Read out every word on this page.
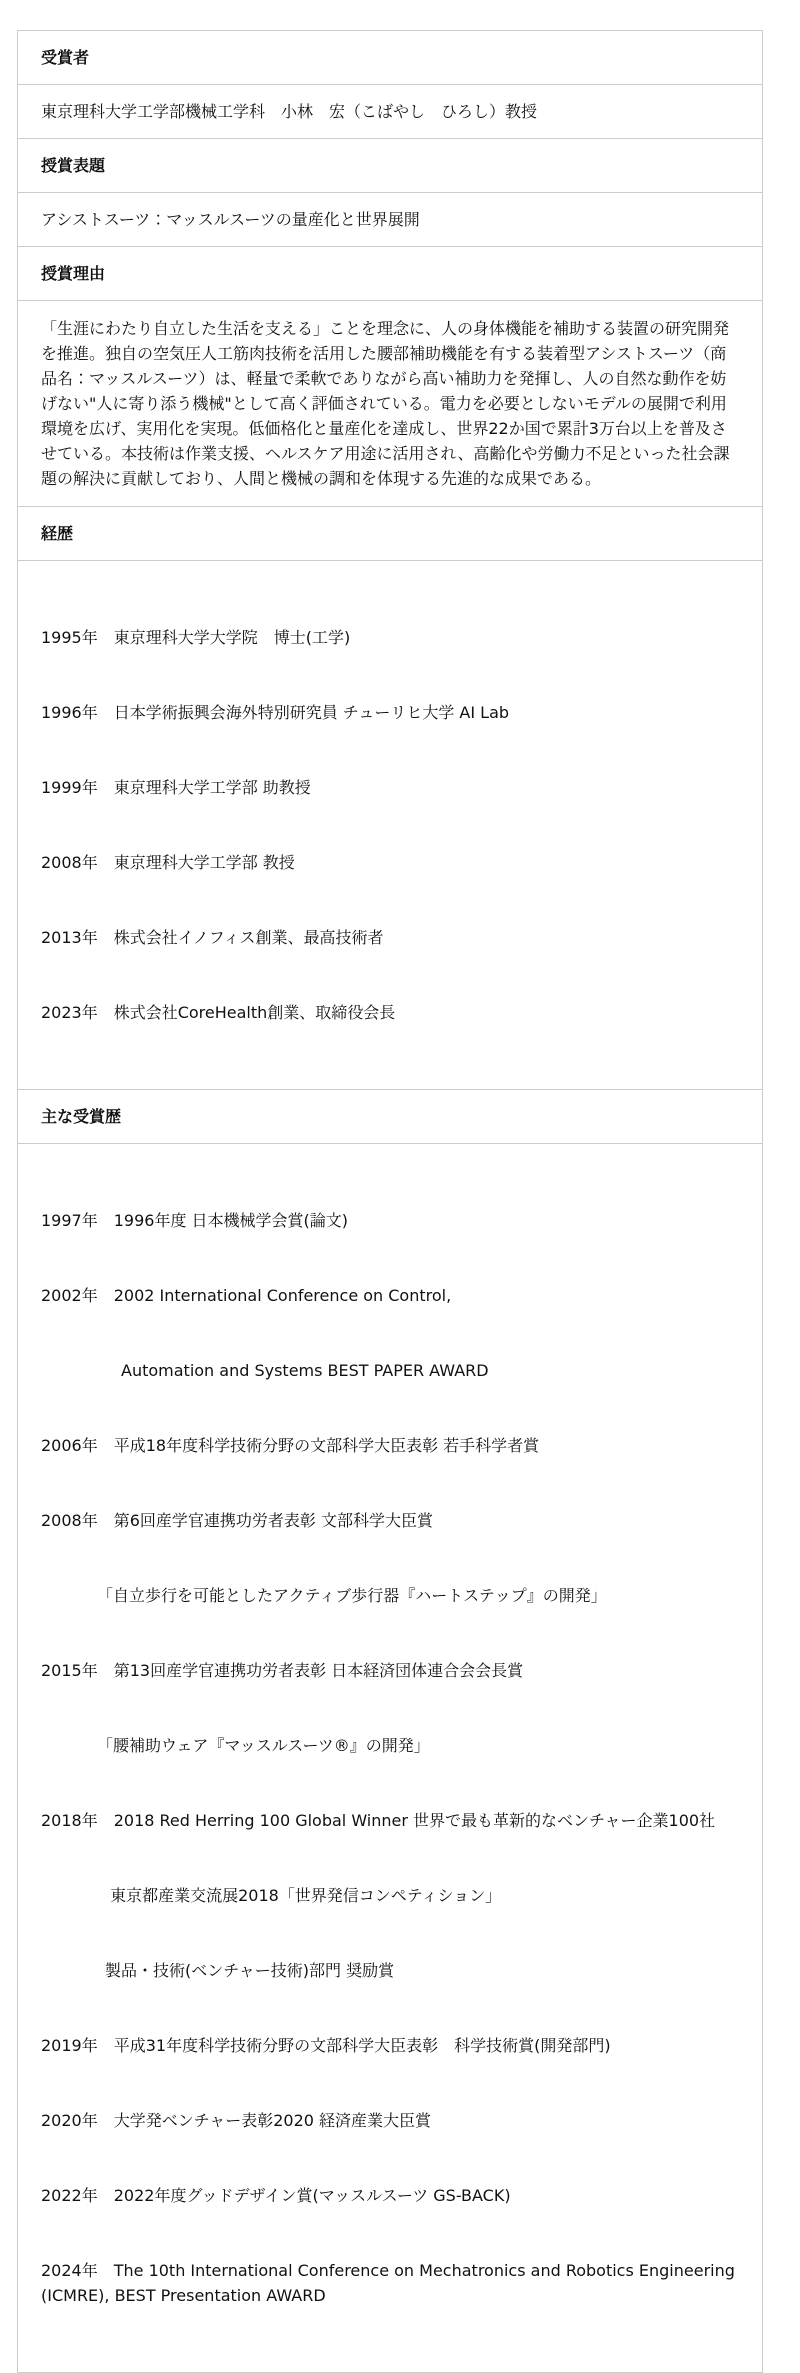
受賞者
東京理科大学工学部機械工学科　小林　宏（こばやし　ひろし）教授
授賞表題
アシストスーツ：マッスルスーツの量産化と世界展開
授賞理由
「生涯にわたり自立した生活を支える」ことを理念に、人の身体機能を補助する装置の研究開発を推進。独自の空気圧人工筋肉技術を活用した腰部補助機能を有する装着型アシストスーツ（商品名：マッスルスーツ）は、軽量で柔軟でありながら高い補助力を発揮し、人の自然な動作を妨げない"人に寄り添う機械"として高く評価されている。電力を必要としないモデルの展開で利用環境を広げ、実用化を実現。低価格化と量産化を達成し、世界22か国で累計3万台以上を普及させている。本技術は作業支援、ヘルスケア用途に活用され、高齢化や労働力不足といった社会課題の解決に貢献しており、人間と機械の調和を体現する先進的な成果である。
経歴

1995年　東京理科大学大学院　博士(工学)

1996年　日本学術振興会海外特別研究員 チューリヒ大学 AI Lab

1999年　東京理科大学工学部 助教授

2008年　東京理科大学工学部 教授

2013年　株式会社イノフィス創業、最高技術者

2023年　株式会社CoreHealth創業、取締役会長

主な受賞歴

1997年　1996年度 日本機械学会賞(論文)

2002年　2002 International Conference on Control,

　　　　　Automation and Systems BEST PAPER AWARD

2006年　平成18年度科学技術分野の文部科学大臣表彰 若手科学者賞

2008年　第6回産学官連携功労者表彰 文部科学大臣賞

　　　　「自立歩行を可能としたアクティブ歩行器『ハートステップ』の開発」

2015年　第13回産学官連携功労者表彰 日本経済団体連合会会長賞

　　　　「腰補助ウェア『マッスルスーツ®』の開発」

2018年　2018 Red Herring 100 Global Winner 世界で最も革新的なベンチャー企業100社

　　　　 東京都産業交流展2018「世界発信コンペティション」

　　　　製品・技術(ベンチャー技術)部門 奨励賞

2019年　平成31年度科学技術分野の文部科学大臣表彰　科学技術賞(開発部門)

2020年　大学発ベンチャー表彰2020 経済産業大臣賞

2022年　2022年度グッドデザイン賞(マッスルスーツ GS-BACK)

2024年　The 10th International Conference on Mechatronics and Robotics Engineering (ICMRE), BEST Presentation AWARD
